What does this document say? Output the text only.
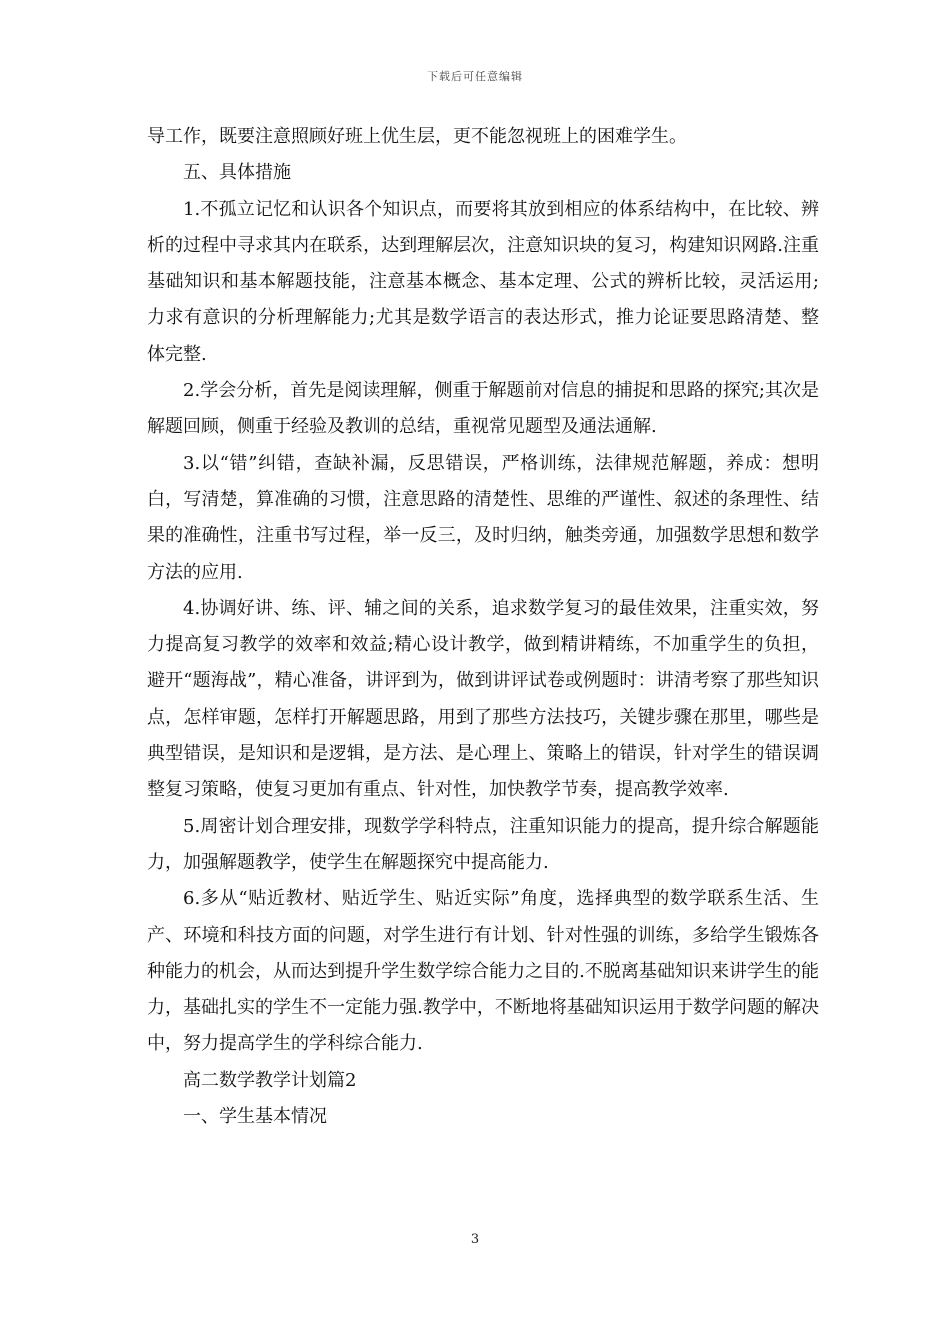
下载后可任意编辑

导工作，既要注意照顾好班上优生层，更不能忽视班上的困难学生。

五、具体措施

1.不孤立记忆和认识各个知识点，而要将其放到相应的体系结构中，在比较、辨析的过程中寻求其内在联系，达到理解层次，注意知识块的复习，构建知识网路.注重基础知识和基本解题技能，注意基本概念、基本定理、公式的辨析比较，灵活运用;力求有意识的分析理解能力;尤其是数学语言的表达形式，推力论证要思路清楚、整体完整.

2.学会分析，首先是阅读理解，侧重于解题前对信息的捕捉和思路的探究;其次是解题回顾，侧重于经验及教训的总结，重视常见题型及通法通解.

3.以“错”纠错，查缺补漏，反思错误，严格训练，法律规范解题，养成：想明白，写清楚，算准确的习惯，注意思路的清楚性、思维的严谨性、叙述的条理性、结果的准确性，注重书写过程，举一反三，及时归纳，触类旁通，加强数学思想和数学方法的应用.

4.协调好讲、练、评、辅之间的关系，追求数学复习的最佳效果，注重实效，努力提高复习教学的效率和效益;精心设计教学，做到精讲精练，不加重学生的负担，避开“题海战”，精心准备，讲评到为，做到讲评试卷或例题时：讲清考察了那些知识点，怎样审题，怎样打开解题思路，用到了那些方法技巧，关键步骤在那里，哪些是典型错误，是知识和是逻辑，是方法、是心理上、策略上的错误，针对学生的错误调整复习策略，使复习更加有重点、针对性，加快教学节奏，提高教学效率.

5.周密计划合理安排，现数学学科特点，注重知识能力的提高，提升综合解题能力，加强解题教学，使学生在解题探究中提高能力.

6.多从“贴近教材、贴近学生、贴近实际”角度，选择典型的数学联系生活、生产、环境和科技方面的问题，对学生进行有计划、针对性强的训练，多给学生锻炼各种能力的机会，从而达到提升学生数学综合能力之目的.不脱离基础知识来讲学生的能力，基础扎实的学生不一定能力强.教学中，不断地将基础知识运用于数学问题的解决中，努力提高学生的学科综合能力.

高二数学教学计划篇2

一、学生基本情况

3
